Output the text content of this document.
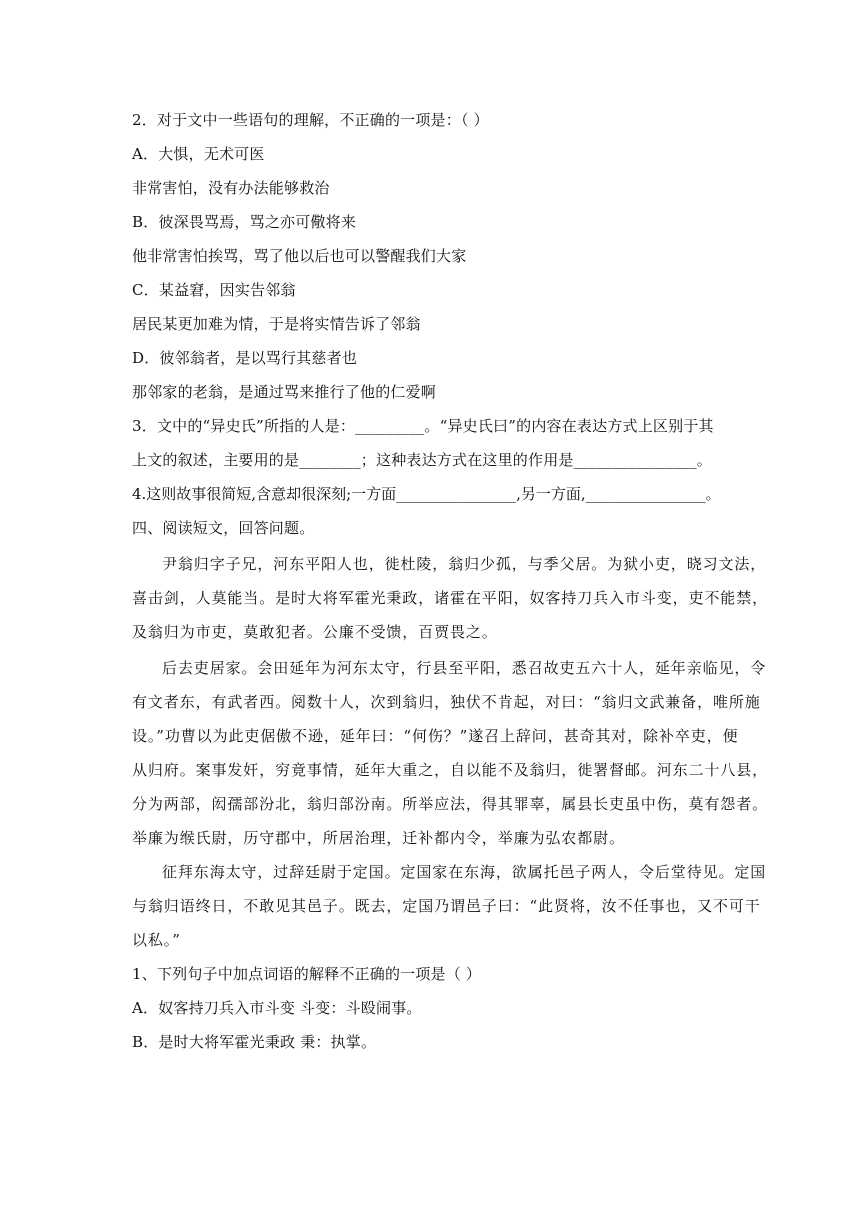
2．对于文中一些语句的理解，不正确的一项是：（ ）
A．大惧，无术可医
非常害怕，没有办法能够救治
B．彼深畏骂焉，骂之亦可儆将来
他非常害怕挨骂，骂了他以后也可以警醒我们大家
C．某益窘，因实告邻翁
居民某更加难为情，于是将实情告诉了邻翁
D．彼邻翁者，是以骂行其慈者也
那邻家的老翁，是通过骂来推行了他的仁爱啊
3．文中的“异史氏”所指的人是：_________。“异史氏曰”的内容在表达方式上区别于其
上文的叙述，主要用的是________；这种表达方式在这里的作用是________________。
4.这则故事很简短,含意却很深刻;一方面________________,另一方面,________________。
四、阅读短文，回答问题。
尹翁归字子兄，河东平阳人也，徙杜陵，翁归少孤，与季父居。为狱小吏，晓习文法，
喜击剑，人莫能当。是时大将军霍光秉政，诸霍在平阳，奴客持刀兵入市斗变，吏不能禁，
及翁归为市吏，莫敢犯者。公廉不受馈，百贾畏之。
后去吏居家。会田延年为河东太守，行县至平阳，悉召故吏五六十人，延年亲临见，令
有文者东，有武者西。阅数十人，次到翁归，独伏不肯起，对曰：“翁归文武兼备，唯所施
设。”功曹以为此吏倨傲不逊，延年曰：“何伤？”遂召上辞问，甚奇其对，除补卒吏，便
从归府。案事发奸，穷竟事情，延年大重之，自以能不及翁归，徙署督邮。河东二十八县，
分为两部，闳孺部汾北，翁归部汾南。所举应法，得其罪辜，属县长吏虽中伤，莫有怨者。
举廉为缑氏尉，历守郡中，所居治理，迁补都内令，举廉为弘农都尉。
征拜东海太守，过辞廷尉于定国。定国家在东海，欲属托邑子两人，令后堂待见。定国
与翁归语终日，不敢见其邑子。既去，定国乃谓邑子曰：“此贤将，汝不任事也，又不可干
以私。”
1、下列句子中加点词语的解释不正确的一项是（ ）
A．奴客持刀兵入市斗变 斗变：斗殴闹事。
B．是时大将军霍光秉政 秉：执掌。
